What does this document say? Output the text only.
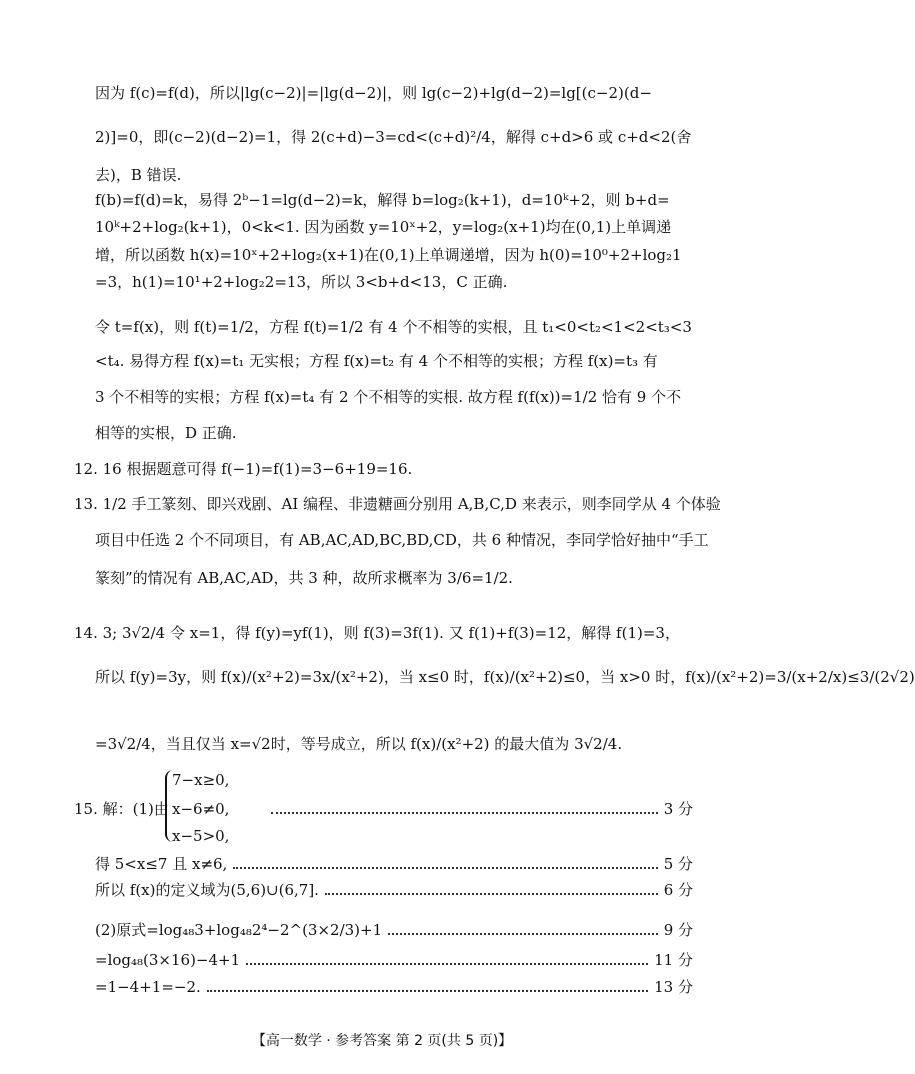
因为 f(c)=f(d)，所以|lg(c−2)|=|lg(d−2)|，则 lg(c−2)+lg(d−2)=lg[(c−2)(d−
2)]=0，即(c−2)(d−2)=1，得 2(c+d)−3=cd<(c+d)²/4，解得 c+d>6 或 c+d<2(舍
去)，B 错误.
f(b)=f(d)=k，易得 2ᵇ−1=lg(d−2)=k，解得 b=log₂(k+1)，d=10ᵏ+2，则 b+d=
10ᵏ+2+log₂(k+1)，0<k<1. 因为函数 y=10ˣ+2，y=log₂(x+1)均在(0,1)上单调递
增，所以函数 h(x)=10ˣ+2+log₂(x+1)在(0,1)上单调递增，因为 h(0)=10⁰+2+log₂1
=3，h(1)=10¹+2+log₂2=13，所以 3<b+d<13，C 正确.
令 t=f(x)，则 f(t)=1/2，方程 f(t)=1/2 有 4 个不相等的实根，且 t₁<0<t₂<1<2<t₃<3
<t₄. 易得方程 f(x)=t₁ 无实根；方程 f(x)=t₂ 有 4 个不相等的实根；方程 f(x)=t₃ 有
3 个不相等的实根；方程 f(x)=t₄ 有 2 个不相等的实根. 故方程 f(f(x))=1/2 恰有 9 个不
相等的实根，D 正确.
12. 16 根据题意可得 f(−1)=f(1)=3−6+19=16.
13. 1/2 手工篆刻、即兴戏剧、AI 编程、非遗糖画分别用 A,B,C,D 来表示，则李同学从 4 个体验
项目中任选 2 个不同项目，有 AB,AC,AD,BC,BD,CD，共 6 种情况，李同学恰好抽中“手工
篆刻”的情况有 AB,AC,AD，共 3 种，故所求概率为 3/6=1/2.
14. 3; 3√2/4 令 x=1，得 f(y)=yf(1)，则 f(3)=3f(1). 又 f(1)+f(3)=12，解得 f(1)=3，
所以 f(y)=3y，则 f(x)/(x²+2)=3x/(x²+2)，当 x≤0 时，f(x)/(x²+2)≤0，当 x>0 时，f(x)/(x²+2)=3/(x+2/x)≤3/(2√2)
=3√2/4，当且仅当 x=√2时，等号成立，所以 f(x)/(x²+2) 的最大值为 3√2/4.
15. 解：(1)由
7−x≥0,
x−6≠0,
x−5>0,
3 分
得 5<x≤7 且 x≠6,	5 分
所以 f(x)的定义域为(5,6)∪(6,7].	6 分
(2)原式=log₄₈3+log₄₈2⁴−2^(3×2/3)+1	9 分
=log₄₈(3×16)−4+1	11 分
=1−4+1=−2.	13 分
【高一数学 · 参考答案 第 2 页(共 5 页)】
